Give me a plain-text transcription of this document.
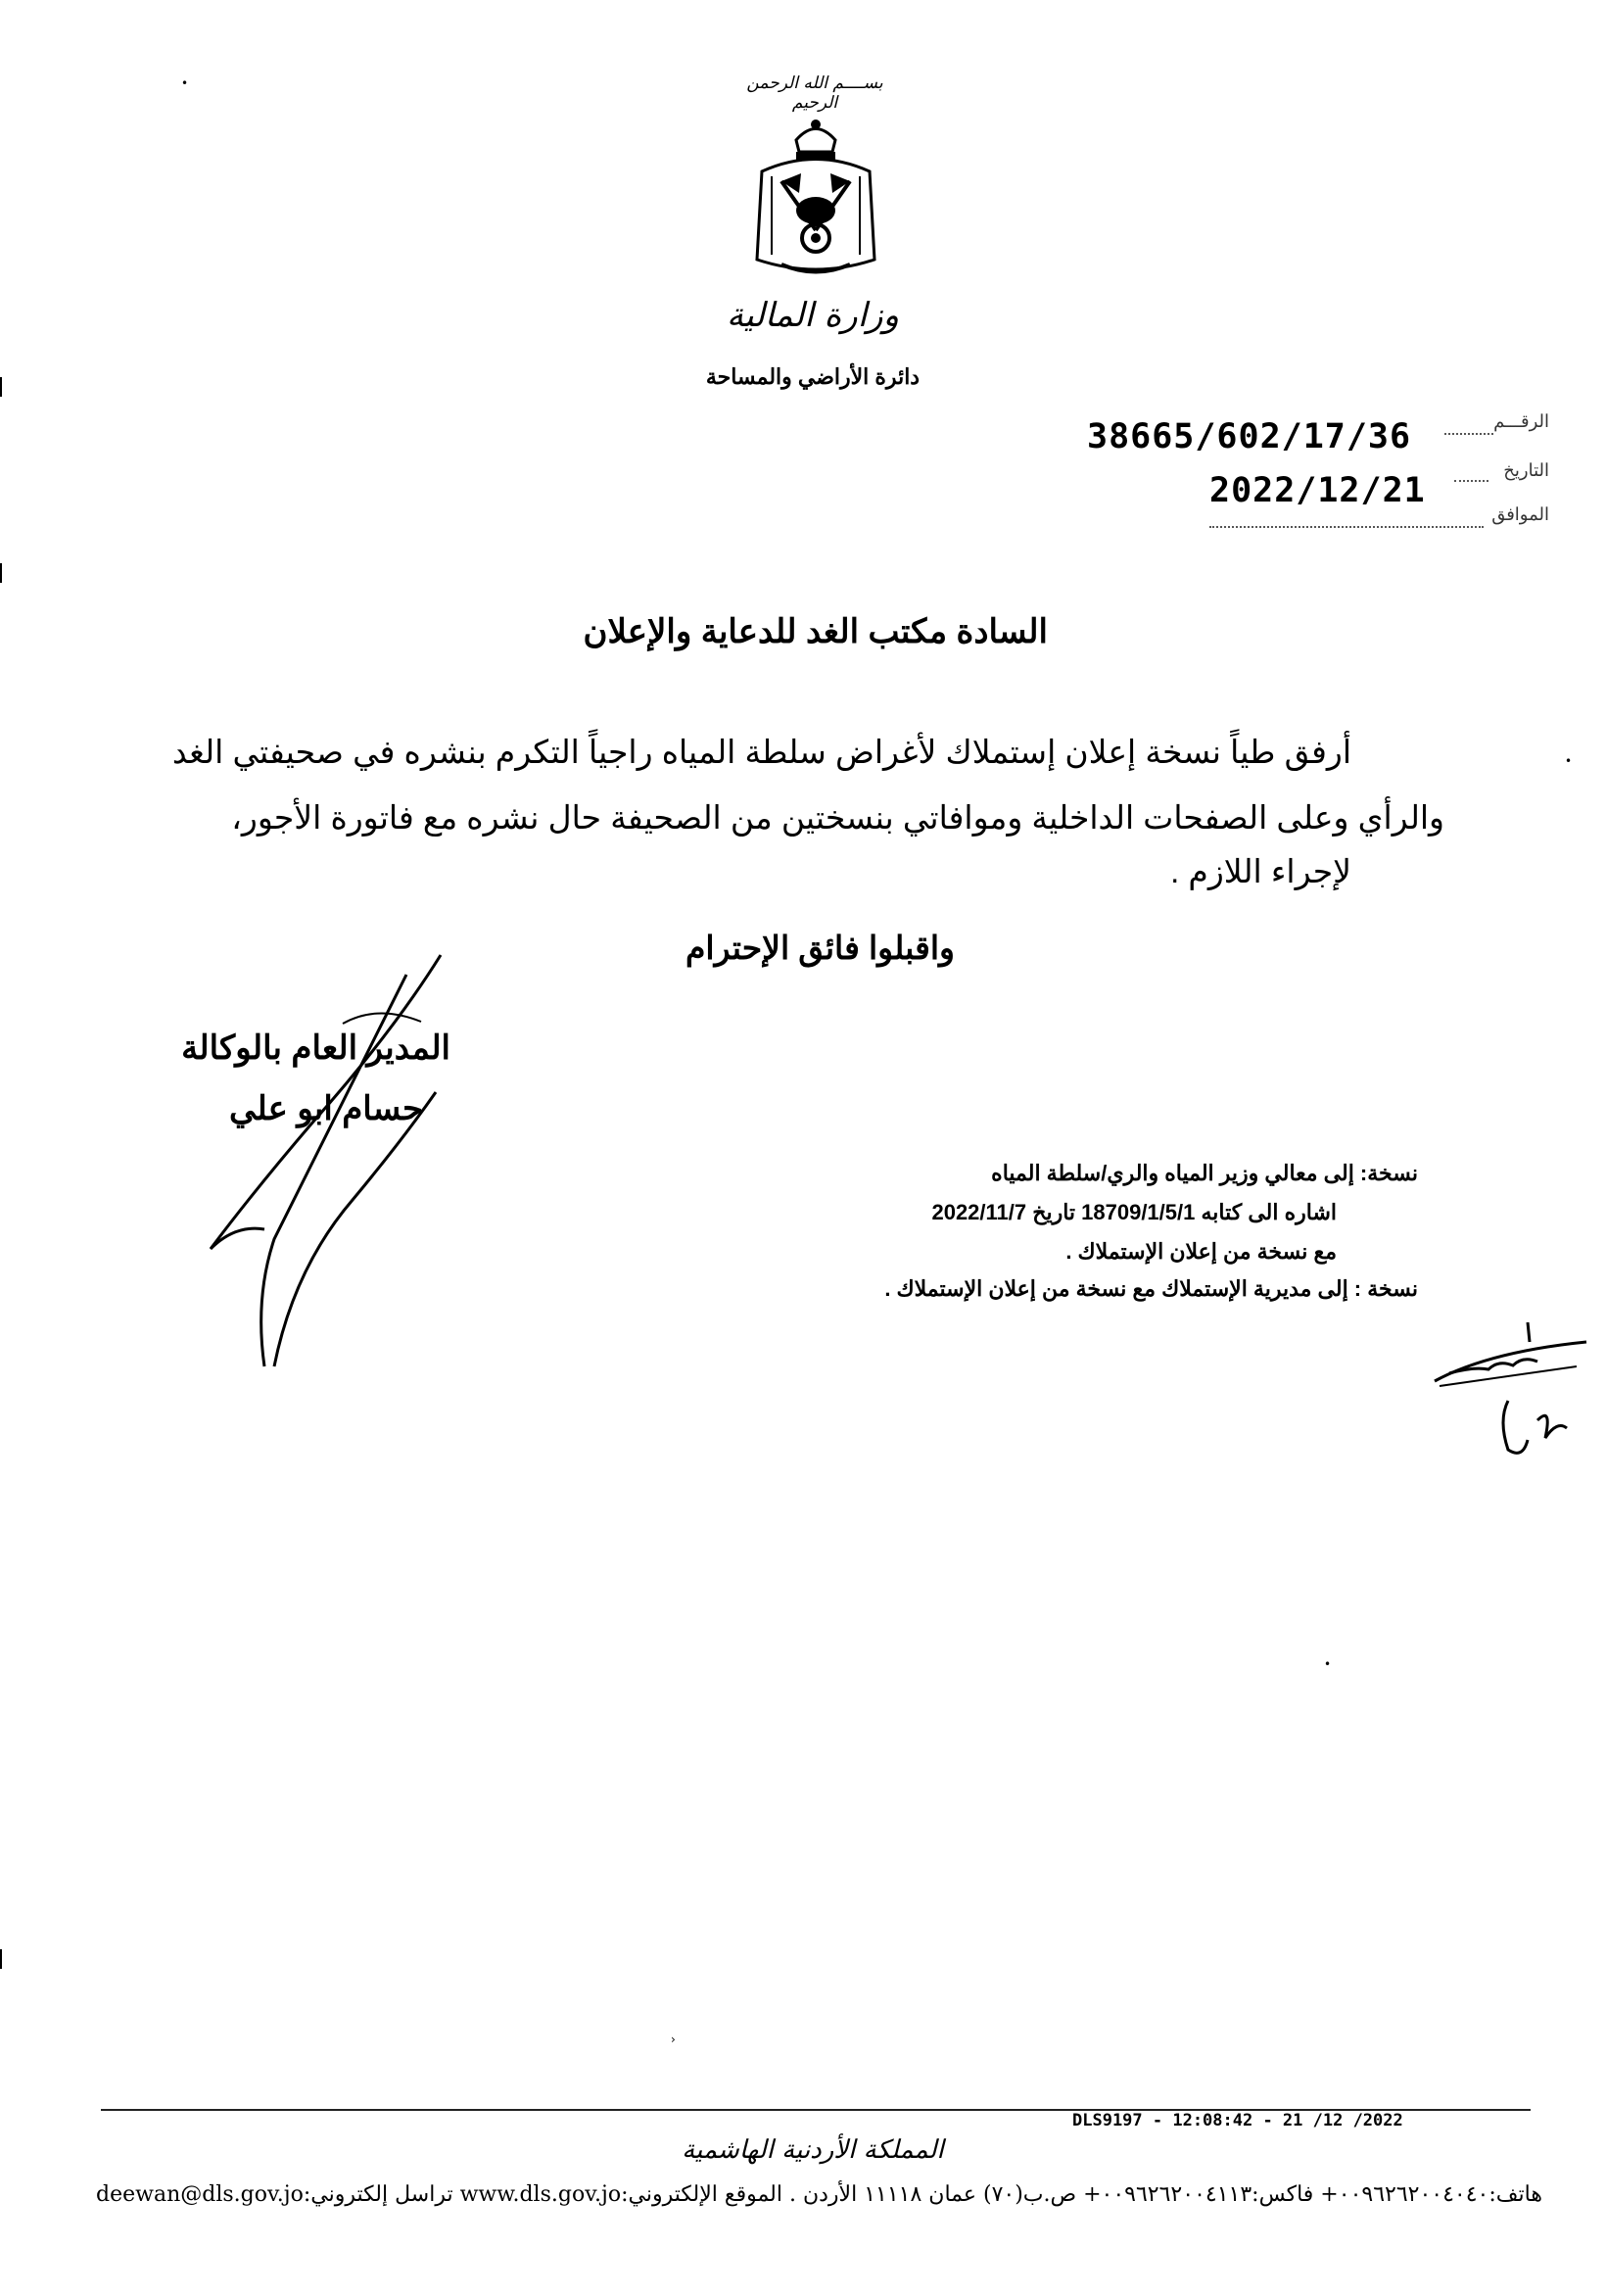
بســــم الله الرحمن الرحيم
وزارة المالية
دائرة الأراضي والمساحة
•
•
•
الرقـــم
38665/602/17/36
التاريخ
2022/12/21
الموافق
السادة مكتب الغد للدعاية والإعلان
أرفق طياً نسخة إعلان إستملاك لأغراض سلطة المياه راجياً التكرم بنشره في صحيفتي الغد
والرأي وعلى الصفحات الداخلية وموافاتي بنسختين من الصحيفة حال نشره مع فاتورة الأجور،
لإجراء اللازم .
واقبلوا فائق الإحترام
المدير العام بالوكالة
حسام ابو علي
نسخة: إلى معالي وزير المياه والري/سلطة المياه
اشاره الى كتابه 18709/1/5/1 تاريخ 2022/11/7
مع نسخة من إعلان الإستملاك .
نسخة : إلى مديرية الإستملاك مع نسخة من إعلان الإستملاك .
›
DLS9197 - 12:08:42 - 21 /12 /2022
المملكة الأردنية الهاشمية
deewan@dls.gov.jo:تراسل إلكتروني www.dls.gov.joهاتف:٠٠٩٦٢٦٢٠٠٤٠٤٠+ فاكس:٠٠٩٦٢٦٢٠٠٤١١٣+ ص.ب(٧٠) عمان ١١١١٨ الأردن . الموقع الإلكتروني:
